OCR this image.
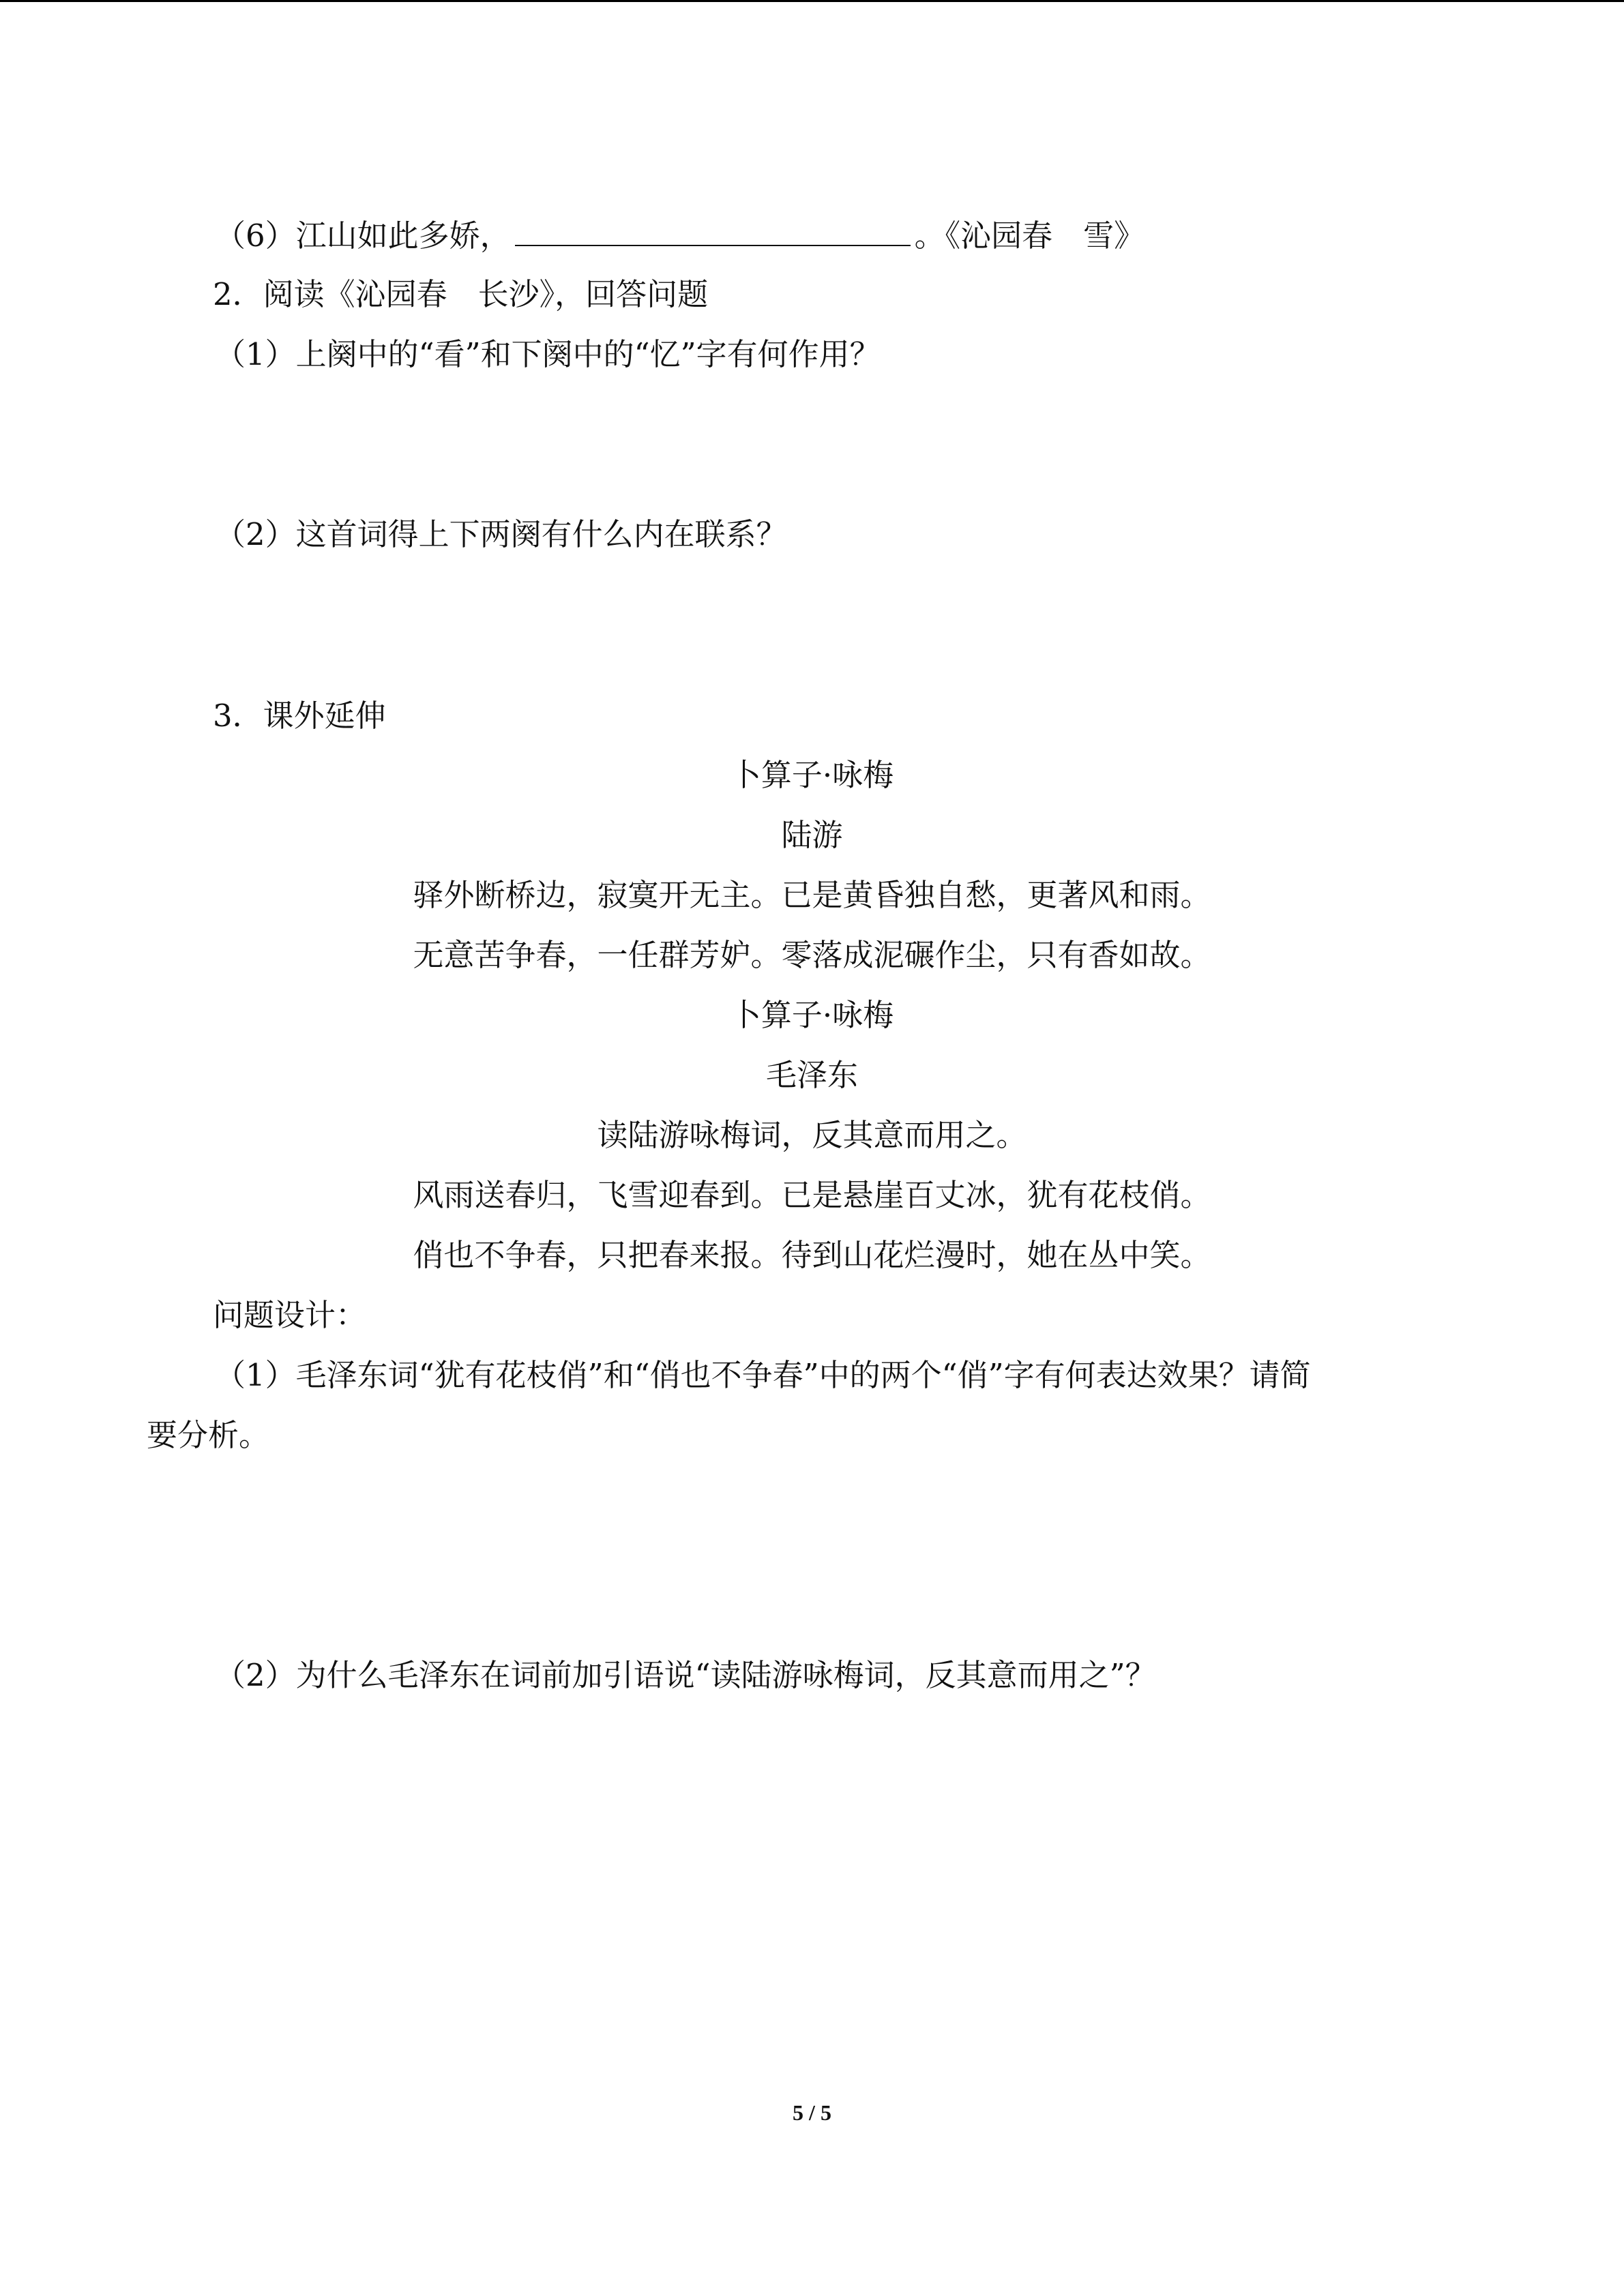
（6）江山如此多娇，	。《沁园春　雪》
2．阅读《沁园春　长沙》，回答问题
（1）上阕中的“看”和下阕中的“忆”字有何作用？
（2）这首词得上下两阕有什么内在联系？
3．课外延伸
卜算子·咏梅
陆游
驿外断桥边，寂寞开无主。已是黄昏独自愁，更著风和雨。
无意苦争春，一任群芳妒。零落成泥碾作尘，只有香如故。
卜算子·咏梅
毛泽东
读陆游咏梅词，反其意而用之。
风雨送春归，飞雪迎春到。已是悬崖百丈冰，犹有花枝俏。
俏也不争春，只把春来报。待到山花烂漫时，她在丛中笑。
问题设计：
（1）毛泽东词“犹有花枝俏”和“俏也不争春”中的两个“俏”字有何表达效果？请简
要分析。
（2）为什么毛泽东在词前加引语说“读陆游咏梅词，反其意而用之”？
5 / 5
